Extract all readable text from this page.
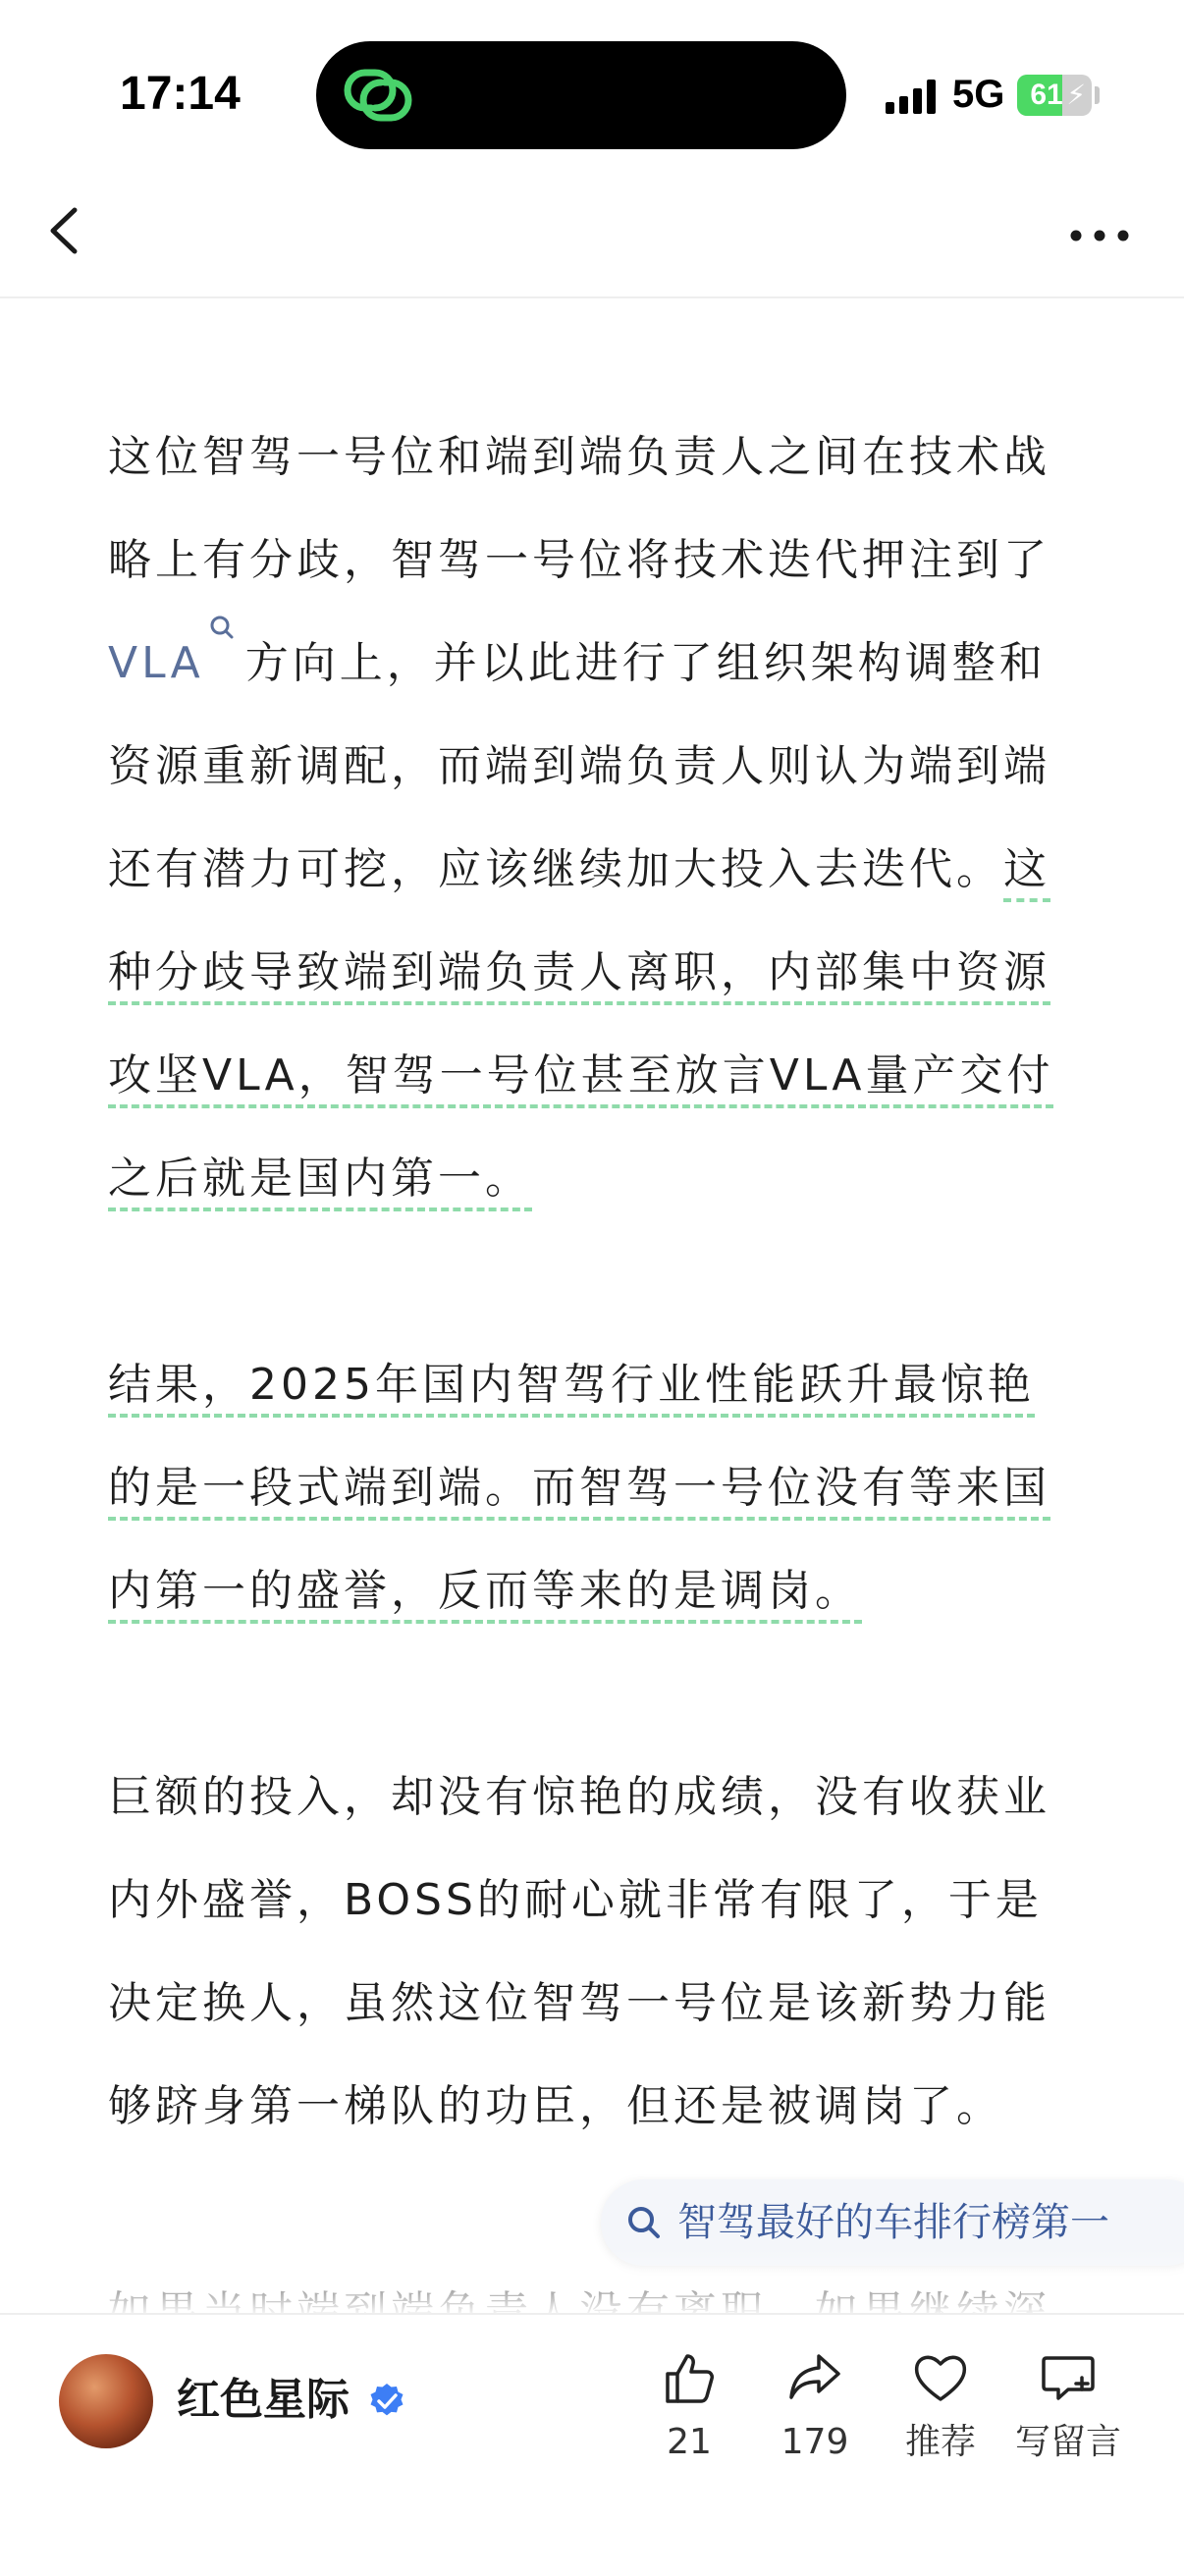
17:14	5G 61 ⚡

这位智驾一号位和端到端负责人之间在技术战略上有分歧，智驾一号位将技术迭代押注到了VLA 方向上，并以此进行了组织架构调整和资源重新调配，而端到端负责人则认为端到端还有潜力可挖，应该继续加大投入去迭代。这种分歧导致端到端负责人离职，内部集中资源攻坚VLA，智驾一号位甚至放言VLA量产交付之后就是国内第一。

结果，2025年国内智驾行业性能跃升最惊艳的是一段式端到端。而智驾一号位没有等来国内第一的盛誉，反而等来的是调岗。

巨额的投入，却没有惊艳的成绩，没有收获业内外盛誉，BOSS的耐心就非常有限了，于是决定换人，虽然这位智驾一号位是该新势力能够跻身第一梯队的功臣，但还是被调岗了。

智驾最好的车排行榜第一
红色星际
21	179	推荐	写留言
